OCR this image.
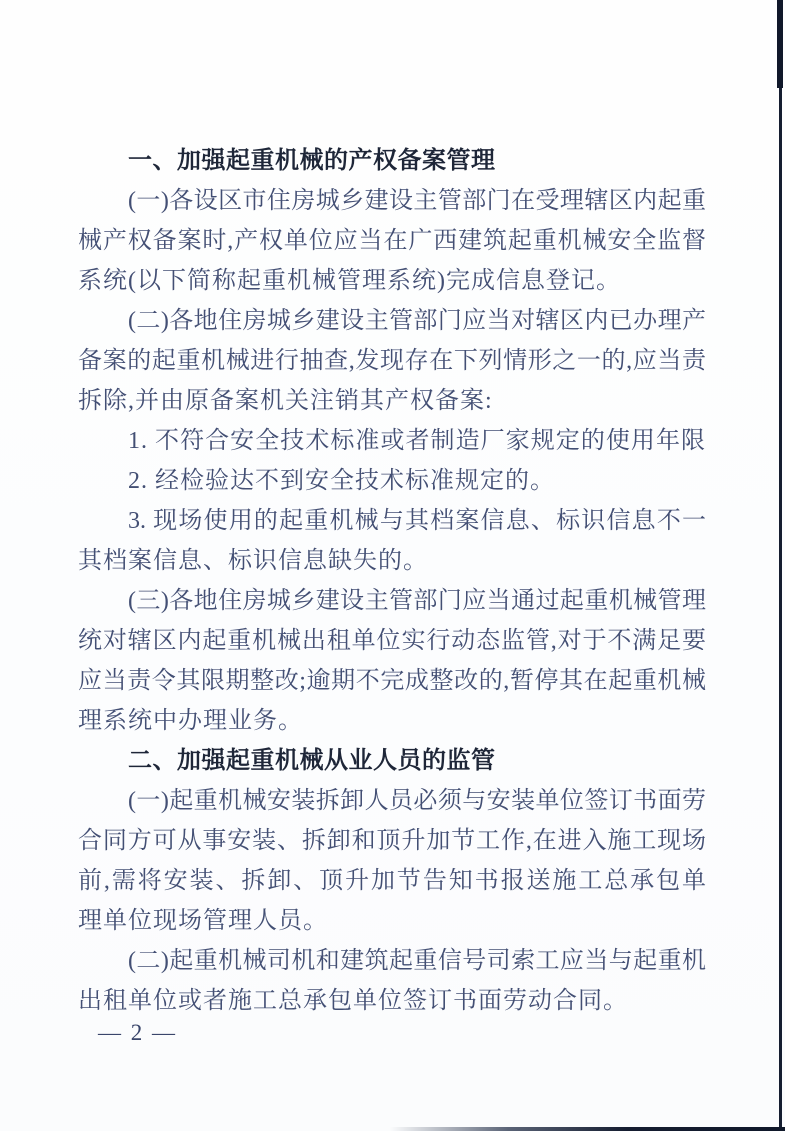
一、加强起重机械的产权备案管理
(一)各设区市住房城乡建设主管部门在受理辖区内起重
械产权备案时,产权单位应当在广西建筑起重机械安全监督
系统(以下简称起重机械管理系统)完成信息登记。
(二)各地住房城乡建设主管部门应当对辖区内已办理产
备案的起重机械进行抽查,发现存在下列情形之一的,应当责
拆除,并由原备案机关注销其产权备案:
1. 不符合安全技术标准或者制造厂家规定的使用年限
2. 经检验达不到安全技术标准规定的。
3. 现场使用的起重机械与其档案信息、标识信息不一
其档案信息、标识信息缺失的。
(三)各地住房城乡建设主管部门应当通过起重机械管理
统对辖区内起重机械出租单位实行动态监管,对于不满足要
应当责令其限期整改;逾期不完成整改的,暂停其在起重机械
理系统中办理业务。
二、加强起重机械从业人员的监管
(一)起重机械安装拆卸人员必须与安装单位签订书面劳
合同方可从事安装、拆卸和顶升加节工作,在进入施工现场
前,需将安装、拆卸、顶升加节告知书报送施工总承包单
理单位现场管理人员。
(二)起重机械司机和建筑起重信号司索工应当与起重机
出租单位或者施工总承包单位签订书面劳动合同。
— 2 —
